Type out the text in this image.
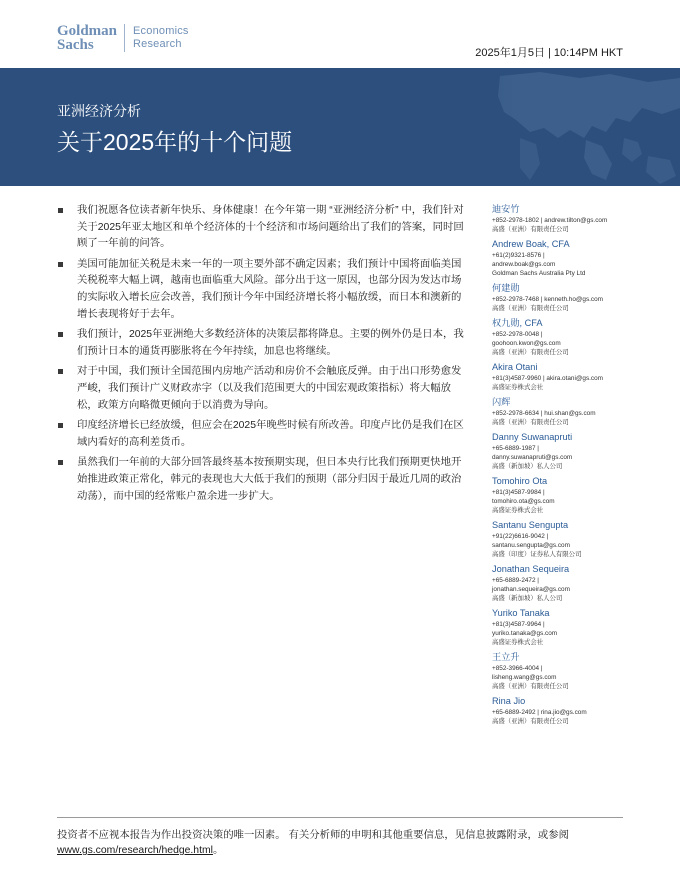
Goldman
Sachs
Economics
Research
2025年1月5日 | 10:14PM HKT
亚洲经济分析
关于2025年的十个问题
我们祝愿各位读者新年快乐、身体健康！在今年第一期 “亚洲经济分析” 中，我们针对关于2025年亚太地区和单个经济体的十个经济和市场问题给出了我们的答案，同时回顾了一年前的问答。
美国可能加征关税是未来一年的一项主要外部不确定因素；我们预计中国将面临美国关税税率大幅上调，越南也面临重大风险。部分出于这一原因，也部分因为发达市场的实际收入增长应会改善，我们预计今年中国经济增长将小幅放缓，而日本和澳新的增长表现将好于去年。
我们预计，2025年亚洲绝大多数经济体的决策层都将降息。主要的例外仍是日本，我们预计日本的通货再膨胀将在今年持续，加息也将继续。
对于中国，我们预计全国范围内房地产活动和房价不会触底反弹。由于出口形势愈发严峻，我们预计广义财政赤字（以及我们范围更大的中国宏观政策指标）将大幅放松，政策方向略微更倾向于以消费为导向。
印度经济增长已经放缓，但应会在2025年晚些时候有所改善。印度卢比仍是我们在区域内看好的高利差货币。
虽然我们一年前的大部分回答最终基本按预期实现，但日本央行比我们预期更快地开始推进政策正常化，韩元的表现也大大低于我们的预期（部分归因于最近几周的政治动荡），而中国的经常账户盈余进一步扩大。
迪安竹
+852-2978-1802 | andrew.tilton@gs.com
高盛（亚洲）有限责任公司
Andrew Boak, CFA
+61(2)9321-8576 |
andrew.boak@gs.com
Goldman Sachs Australia Pty Ltd
何建勋
+852-2978-7468 | kenneth.ho@gs.com
高盛（亚洲）有限责任公司
权九勋, CFA
+852-2978-0048 |
goohoon.kwon@gs.com
高盛（亚洲）有限责任公司
Akira Otani
+81(3)4587-9960 | akira.otani@gs.com
高盛证券株式会社
闪辉
+852-2978-6634 | hui.shan@gs.com
高盛（亚洲）有限责任公司
Danny Suwanapruti
+65-6889-1987 |
danny.suwanapruti@gs.com
高盛（新加坡）私人公司
Tomohiro Ota
+81(3)4587-9984 |
tomohiro.ota@gs.com
高盛证券株式会社
Santanu Sengupta
+91(22)6616-9042 |
santanu.sengupta@gs.com
高盛（印度）证券私人有限公司
Jonathan Sequeira
+65-6889-2472 |
jonathan.sequeira@gs.com
高盛（新加坡）私人公司
Yuriko Tanaka
+81(3)4587-9964 |
yuriko.tanaka@gs.com
高盛证券株式会社
王立升
+852-3966-4004 |
lisheng.wang@gs.com
高盛（亚洲）有限责任公司
Rina Jio
+65-6889-2492 | rina.jio@gs.com
高盛（亚洲）有限责任公司
投资者不应视本报告为作出投资决策的唯一因素。 有关分析师的申明和其他重要信息，见信息披露附录，或参阅
www.gs.com/research/hedge.html。
